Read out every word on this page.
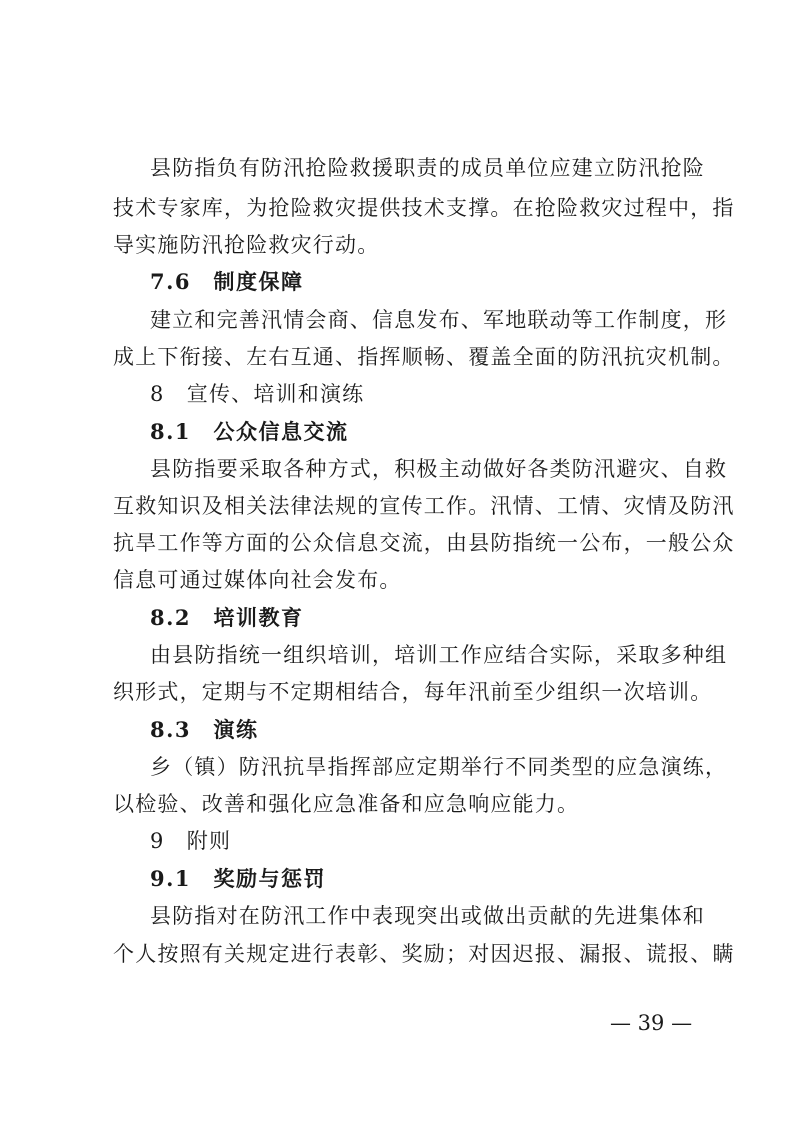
县防指负有防汛抢险救援职责的成员单位应建立防汛抢险
技术专家库，为抢险救灾提供技术支撑。在抢险救灾过程中，指
导实施防汛抢险救灾行动。
7.6　制度保障
建立和完善汛情会商、信息发布、军地联动等工作制度，形
成上下衔接、左右互通、指挥顺畅、覆盖全面的防汛抗灾机制。
8　宣传、培训和演练
8.1　公众信息交流
县防指要采取各种方式，积极主动做好各类防汛避灾、自救
互救知识及相关法律法规的宣传工作。汛情、工情、灾情及防汛
抗旱工作等方面的公众信息交流，由县防指统一公布，一般公众
信息可通过媒体向社会发布。
8.2　培训教育
由县防指统一组织培训，培训工作应结合实际，采取多种组
织形式，定期与不定期相结合，每年汛前至少组织一次培训。
8.3　演练
乡（镇）防汛抗旱指挥部应定期举行不同类型的应急演练，
以检验、改善和强化应急准备和应急响应能力。
9　附则
9.1　奖励与惩罚
县防指对在防汛工作中表现突出或做出贡献的先进集体和
个人按照有关规定进行表彰、奖励；对因迟报、漏报、谎报、瞒
— 39 —
